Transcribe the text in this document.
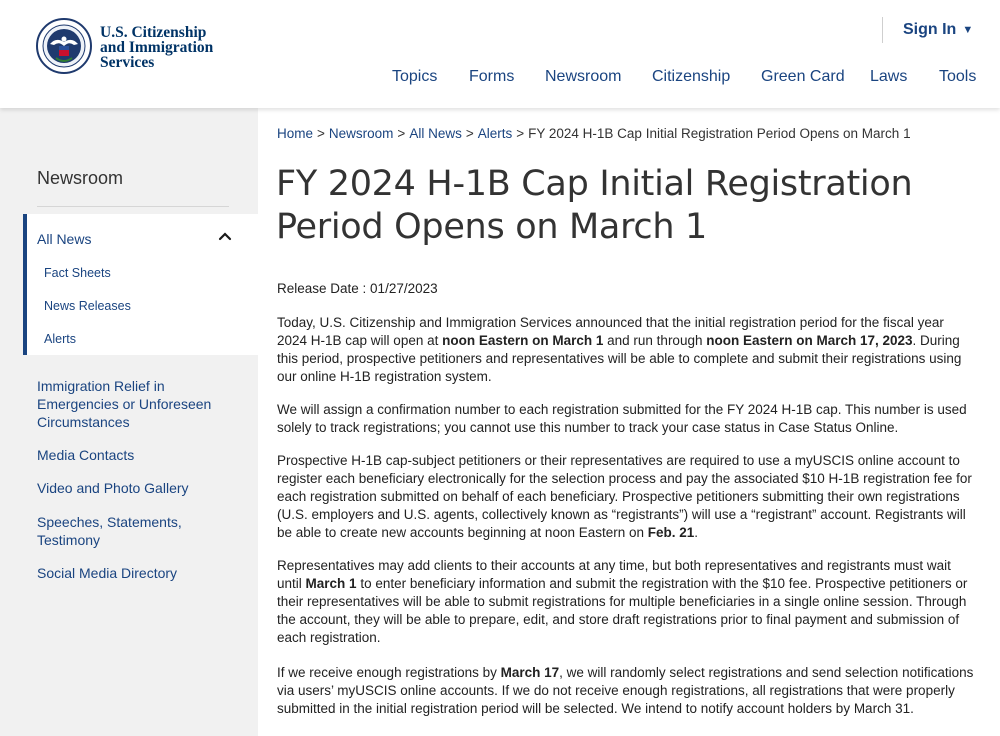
U.S. Citizenship
and Immigration
Services
Sign In ▼
Topics Forms Newsroom Citizenship Green Card Laws Tools
Newsroom
All News
Fact Sheets
News Releases
Alerts
Immigration Relief in Emergencies or Unforeseen Circumstances
Media Contacts
Video and Photo Gallery
Speeches, Statements, Testimony
Social Media Directory
Home > Newsroom > All News > Alerts > FY 2024 H-1B Cap Initial Registration Period Opens on March 1
FY 2024 H-1B Cap Initial Registration Period Opens on March 1
Release Date : 01/27/2023

Today, U.S. Citizenship and Immigration Services announced that the initial registration period for the fiscal year 2024 H-1B cap will open at noon Eastern on March 1 and run through noon Eastern on March 17, 2023. During this period, prospective petitioners and representatives will be able to complete and submit their registrations using our online H-1B registration system.

We will assign a confirmation number to each registration submitted for the FY 2024 H-1B cap. This number is used solely to track registrations; you cannot use this number to track your case status in Case Status Online.

Prospective H-1B cap-subject petitioners or their representatives are required to use a myUSCIS online account to register each beneficiary electronically for the selection process and pay the associated $10 H-1B registration fee for each registration submitted on behalf of each beneficiary. Prospective petitioners submitting their own registrations (U.S. employers and U.S. agents, collectively known as “registrants”) will use a “registrant” account. Registrants will be able to create new accounts beginning at noon Eastern on Feb. 21.

Representatives may add clients to their accounts at any time, but both representatives and registrants must wait until March 1 to enter beneficiary information and submit the registration with the $10 fee. Prospective petitioners or their representatives will be able to submit registrations for multiple beneficiaries in a single online session. Through the account, they will be able to prepare, edit, and store draft registrations prior to final payment and submission of each registration.

If we receive enough registrations by March 17, we will randomly select registrations and send selection notifications via users’ myUSCIS online accounts. If we do not receive enough registrations, all registrations that were properly submitted in the initial registration period will be selected. We intend to notify account holders by March 31.
